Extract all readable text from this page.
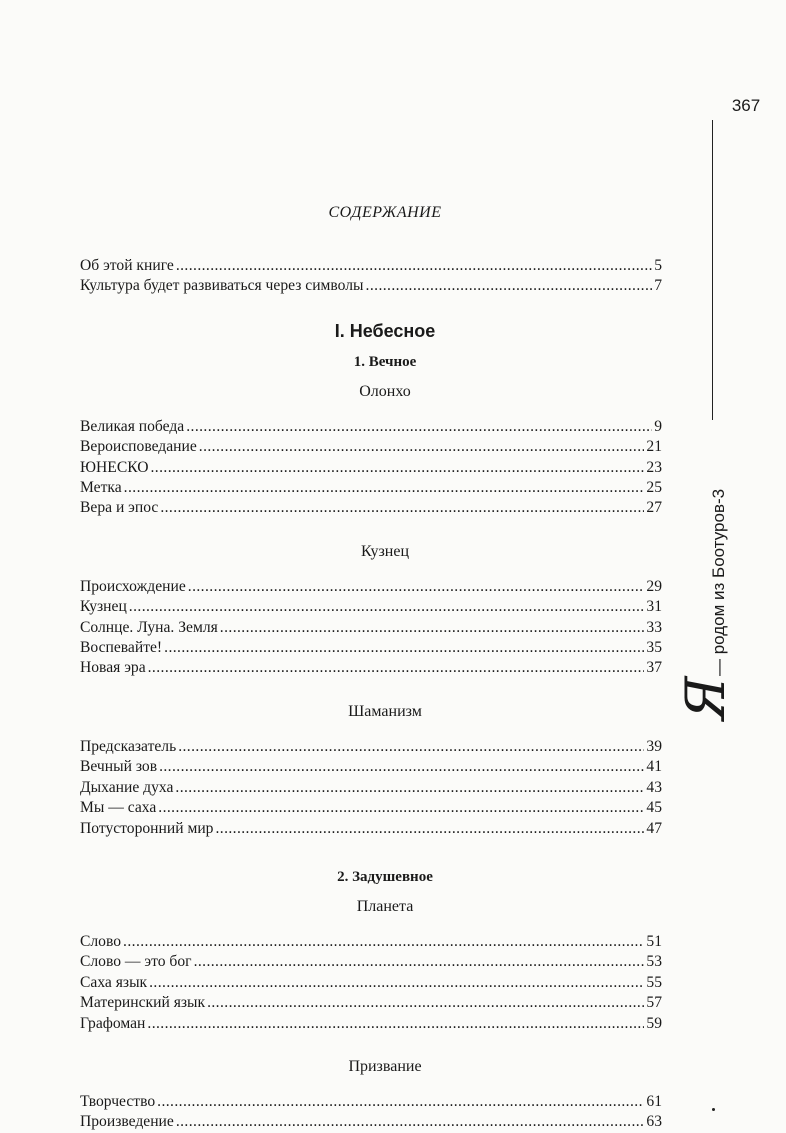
367
Я
— родом из Боотуров-3
СОДЕРЖАНИЕ
Об этой книге .....	5
Культура будет развиваться через символы .....	7
I. Небесное
1. Вечное
Олонхо
Великая победа .....	9
Вероисповедание .....	21
ЮНЕСКО .....	23
Метка .....	25
Вера и эпос .....	27
Кузнец
Происхождение .....	29
Кузнец .....	31
Солнце. Луна. Земля .....	33
Воспевайте! .....	35
Новая эра .....	37
Шаманизм
Предсказатель .....	39
Вечный зов .....	41
Дыхание духа .....	43
Мы — саха .....	45
Потусторонний мир .....	47
2. Задушевное
Планета
Слово .....	51
Слово — это бог .....	53
Саха язык .....	55
Материнский язык .....	57
Графоман .....	59
Призвание
Творчество .....	61
Произведение .....	63
